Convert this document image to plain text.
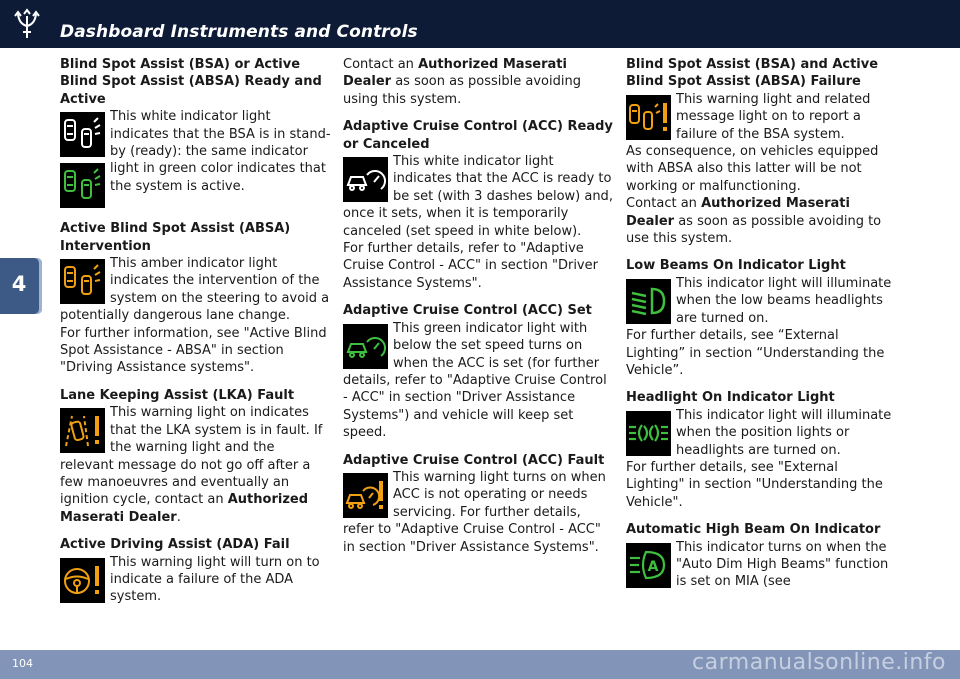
Dashboard Instruments and Controls
4

Blind Spot Assist (BSA) or Active Blind Spot Assist (ABSA) Ready and Active

This white indicator light indicates that the BSA is in stand-by (ready): the same indicator light in green color indicates that the system is active.

Active Blind Spot Assist (ABSA) Intervention

This amber indicator light indicates the intervention of the system on the steering to avoid a potentially dangerous lane change.

For further information, see "Active Blind Spot Assistance - ABSA" in section "Driving Assistance systems".

Lane Keeping Assist (LKA) Fault

This warning light on indicates that the LKA system is in fault. If the warning light and the relevant message do not go off after a few manoeuvres and eventually an ignition cycle, contact an Authorized Maserati Dealer.

Active Driving Assist (ADA) Fail

This warning light will turn on to indicate a failure of the ADA system.

Contact an Authorized Maserati Dealer as soon as possible avoiding using this system.

Adaptive Cruise Control (ACC) Ready or Canceled

This white indicator light indicates that the ACC is ready to be set (with 3 dashes below) and, once it sets, when it is temporarily canceled (set speed in white below).

For further details, refer to "Adaptive Cruise Control - ACC" in section "Driver Assistance Systems".

Adaptive Cruise Control (ACC) Set

This green indicator light with below the set speed turns on when the ACC is set (for further details, refer to "Adaptive Cruise Control - ACC" in section "Driver Assistance Systems") and vehicle will keep set speed.

Adaptive Cruise Control (ACC) Fault

This warning light turns on when ACC is not operating or needs servicing. For further details, refer to "Adaptive Cruise Control - ACC" in section "Driver Assistance Systems".

Blind Spot Assist (BSA) and Active Blind Spot Assist (ABSA) Failure

This warning light and related message light on to report a failure of the BSA system.

As consequence, on vehicles equipped with ABSA also this latter will be not working or malfunctioning.

Contact an Authorized Maserati Dealer as soon as possible avoiding to use this system.

Low Beams On Indicator Light

This indicator light will illuminate when the low beams headlights are turned on.

For further details, see “External Lighting” in section “Understanding the Vehicle”.

Headlight On Indicator Light

This indicator light will illuminate when the position lights or headlights are turned on.

For further details, see "External Lighting" in section "Understanding the Vehicle".

Automatic High Beam On Indicator

A

This indicator turns on when the "Auto Dim High Beams" function is set on MIA (see

104	carmanualsonline.info
